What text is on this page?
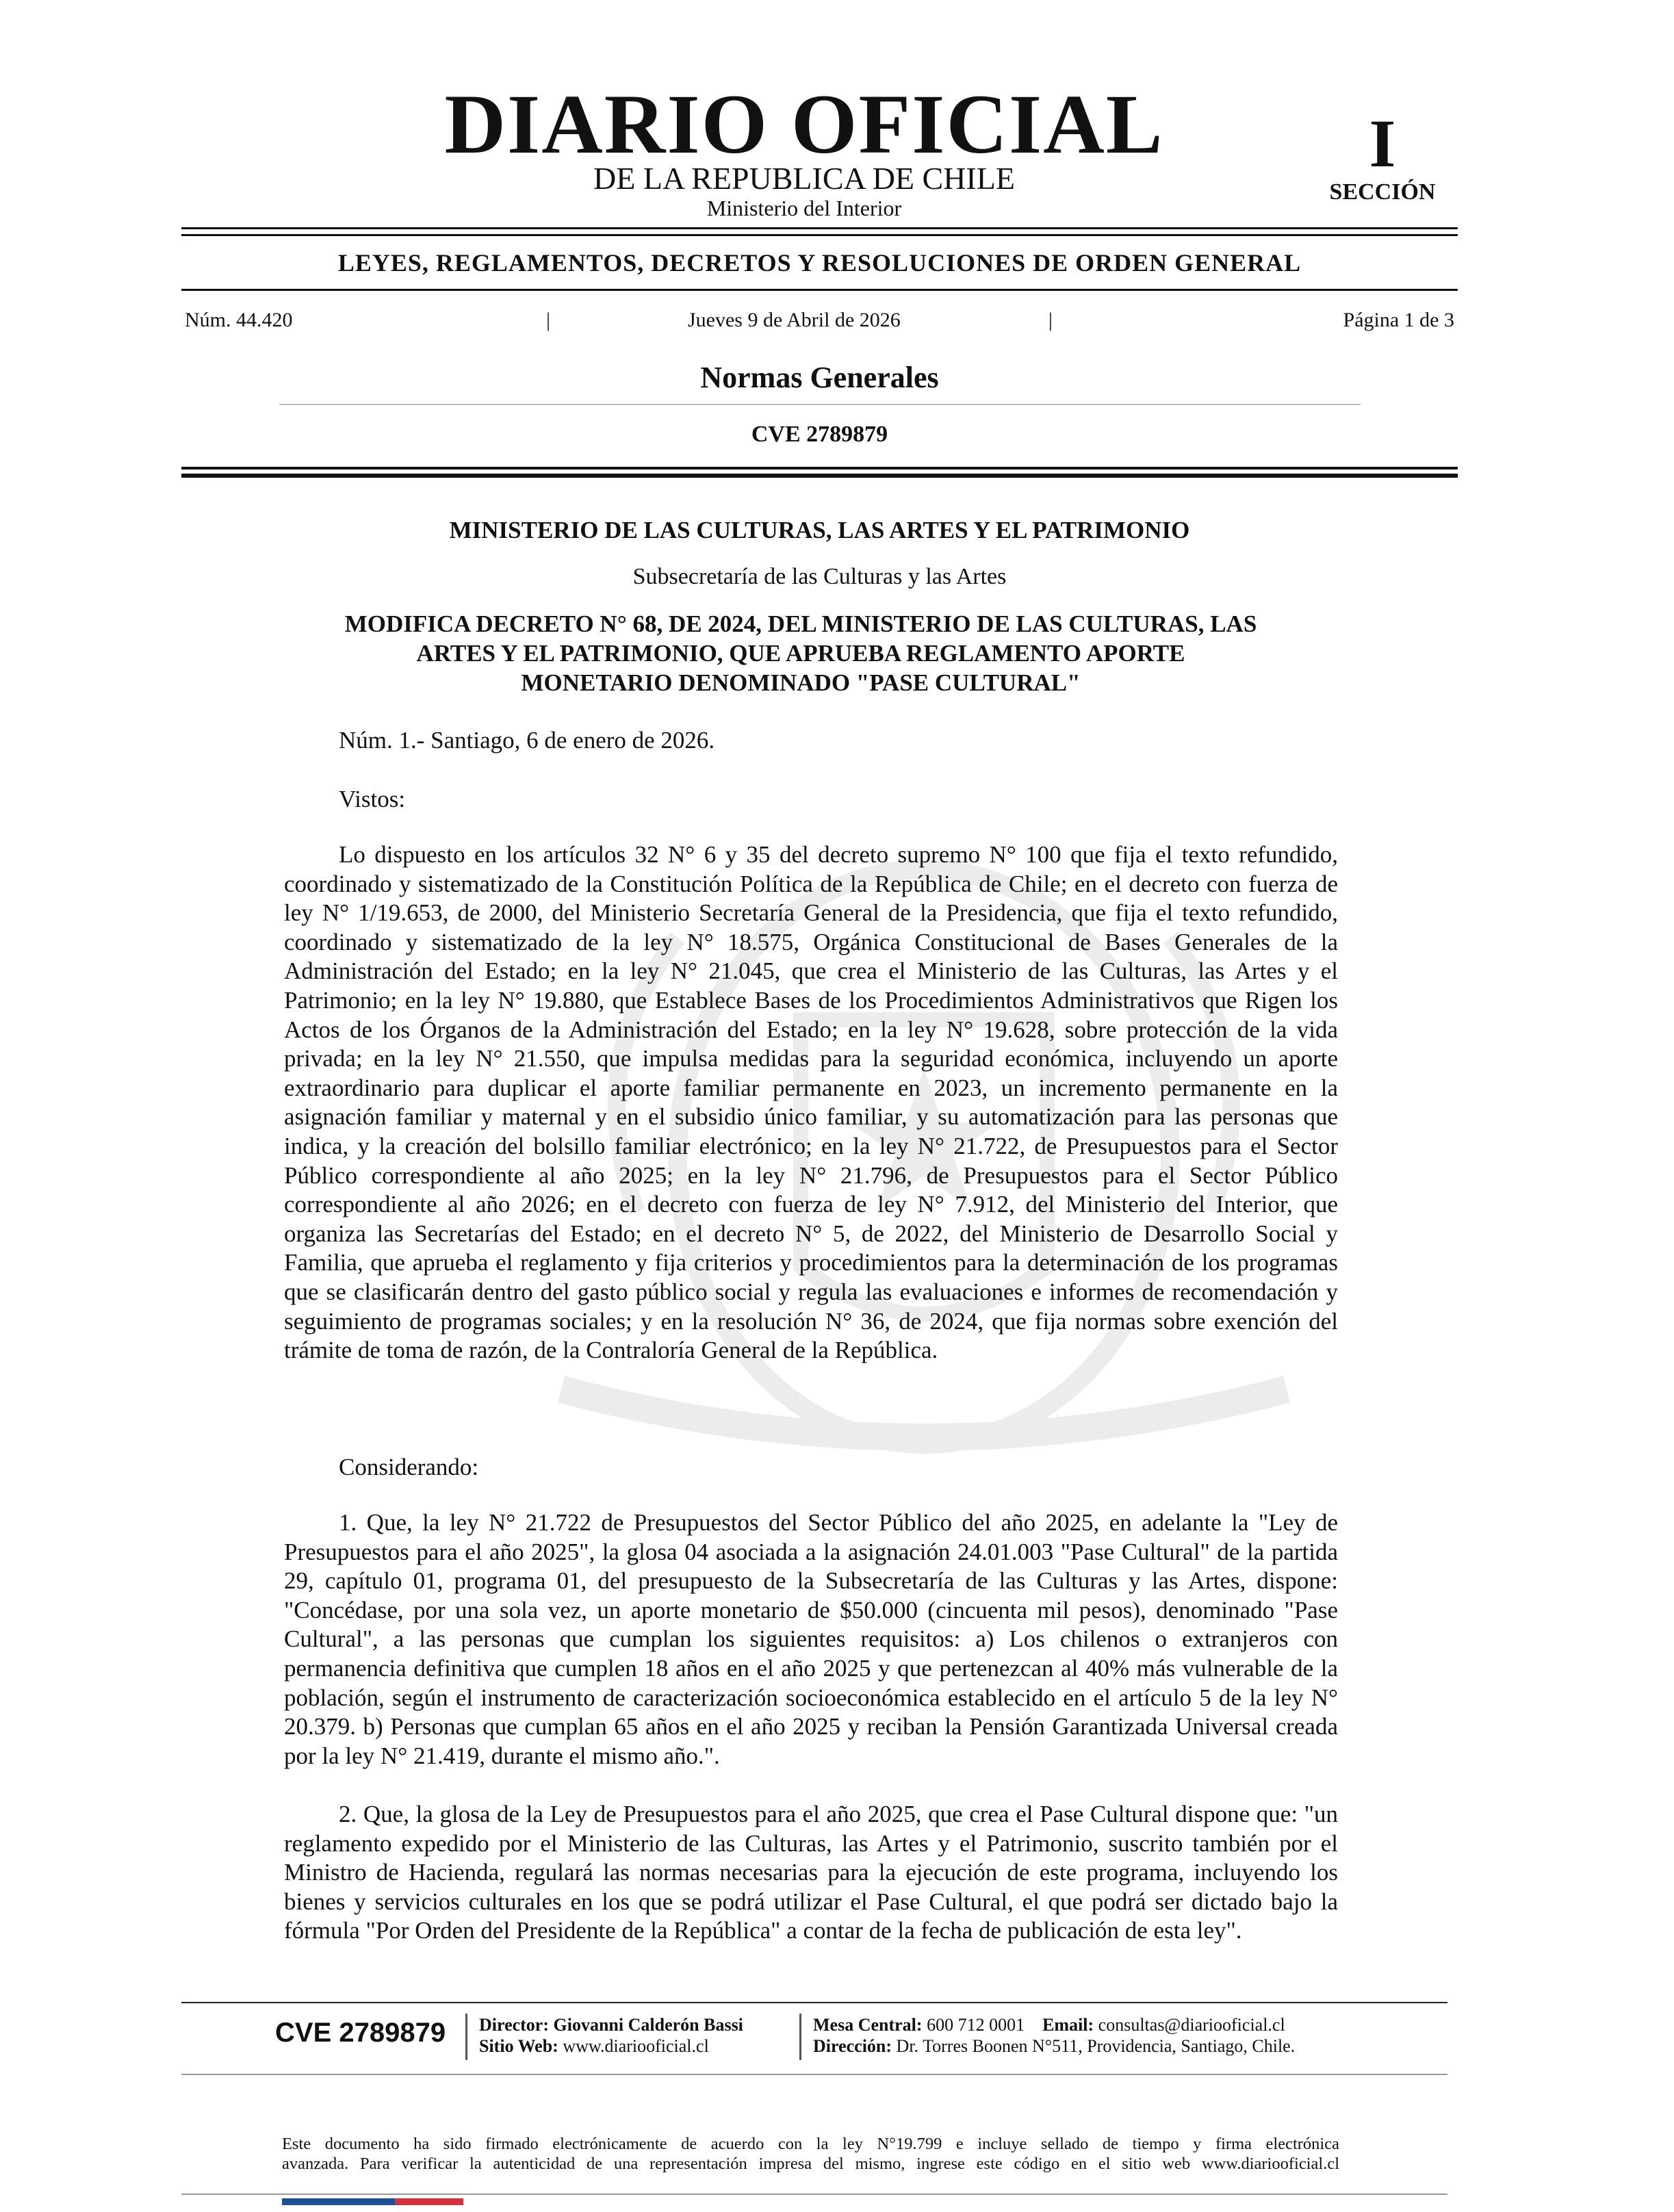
DIARIO OFICIAL
DE LA REPUBLICA DE CHILE
Ministerio del Interior
I
SECCIÓN
LEYES, REGLAMENTOS, DECRETOS Y RESOLUCIONES DE ORDEN GENERAL
Núm. 44.420	|	Jueves 9 de Abril de 2026	|	Página 1 de 3
Normas Generales
CVE 2789879
MINISTERIO DE LAS CULTURAS, LAS ARTES Y EL PATRIMONIO
Subsecretaría de las Culturas y las Artes
MODIFICA DECRETO N° 68, DE 2024, DEL MINISTERIO DE LAS CULTURAS, LAS
ARTES Y EL PATRIMONIO, QUE APRUEBA REGLAMENTO APORTE
MONETARIO DENOMINADO "PASE CULTURAL"
Núm. 1.- Santiago, 6 de enero de 2026.
Vistos:
Lo dispuesto en los artículos 32 N° 6 y 35 del decreto supremo N° 100 que fija el texto refundido, coordinado y sistematizado de la Constitución Política de la República de Chile; en el decreto con fuerza de ley N° 1/19.653, de 2000, del Ministerio Secretaría General de la Presidencia, que fija el texto refundido, coordinado y sistematizado de la ley N° 18.575, Orgánica Constitucional de Bases Generales de la Administración del Estado; en la ley N° 21.045, que crea el Ministerio de las Culturas, las Artes y el Patrimonio; en la ley N° 19.880, que Establece Bases de los Procedimientos Administrativos que Rigen los Actos de los Órganos de la Administración del Estado; en la ley N° 19.628, sobre protección de la vida privada; en la ley N° 21.550, que impulsa medidas para la seguridad económica, incluyendo un aporte extraordinario para duplicar el aporte familiar permanente en 2023, un incremento permanente en la asignación familiar y maternal y en el subsidio único familiar, y su automatización para las personas que indica, y la creación del bolsillo familiar electrónico; en la ley N° 21.722, de Presupuestos para el Sector Público correspondiente al año 2025; en la ley N° 21.796, de Presupuestos para el Sector Público correspondiente al año 2026; en el decreto con fuerza de ley N° 7.912, del Ministerio del Interior, que organiza las Secretarías del Estado; en el decreto N° 5, de 2022, del Ministerio de Desarrollo Social y Familia, que aprueba el reglamento y fija criterios y procedimientos para la determinación de los programas que se clasificarán dentro del gasto público social y regula las evaluaciones e informes de recomendación y seguimiento de programas sociales; y en la resolución N° 36, de 2024, que fija normas sobre exención del trámite de toma de razón, de la Contraloría General de la República.
Considerando:
1. Que, la ley N° 21.722 de Presupuestos del Sector Público del año 2025, en adelante la "Ley de Presupuestos para el año 2025", la glosa 04 asociada a la asignación 24.01.003 "Pase Cultural" de la partida 29, capítulo 01, programa 01, del presupuesto de la Subsecretaría de las Culturas y las Artes, dispone: "Concédase, por una sola vez, un aporte monetario de $50.000 (cincuenta mil pesos), denominado "Pase Cultural", a las personas que cumplan los siguientes requisitos: a) Los chilenos o extranjeros con permanencia definitiva que cumplen 18 años en el año 2025 y que pertenezcan al 40% más vulnerable de la población, según el instrumento de caracterización socioeconómica establecido en el artículo 5 de la ley N° 20.379. b) Personas que cumplan 65 años en el año 2025 y reciban la Pensión Garantizada Universal creada por la ley N° 21.419, durante el mismo año.".
2. Que, la glosa de la Ley de Presupuestos para el año 2025, que crea el Pase Cultural dispone que: "un reglamento expedido por el Ministerio de las Culturas, las Artes y el Patrimonio, suscrito también por el Ministro de Hacienda, regulará las normas necesarias para la ejecución de este programa, incluyendo los bienes y servicios culturales en los que se podrá utilizar el Pase Cultural, el que podrá ser dictado bajo la fórmula "Por Orden del Presidente de la República" a contar de la fecha de publicación de esta ley".
CVE 2789879 Director: Giovanni Calderón Bassi
Sitio Web: www.diariooficial.cl
Mesa Central: 600 712 0001 Email: consultas@diariooficial.cl
Dirección: Dr. Torres Boonen N°511, Providencia, Santiago, Chile.
Este documento ha sido firmado electrónicamente de acuerdo con la ley N°19.799 e incluye sellado de tiempo y firma electrónica
avanzada. Para verificar la autenticidad de una representación impresa del mismo, ingrese este código en el sitio web www.diariooficial.cl
